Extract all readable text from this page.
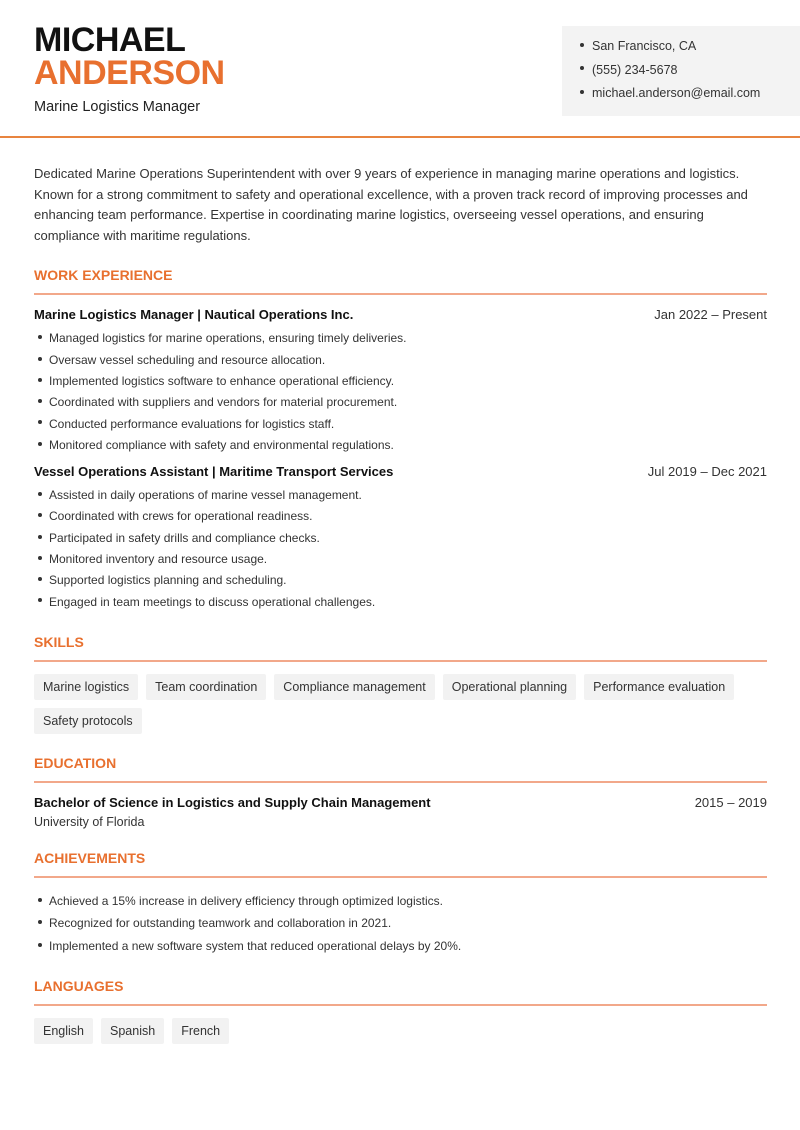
MICHAEL
ANDERSON
Marine Logistics Manager
San Francisco, CA
(555) 234-5678
michael.anderson@email.com

Dedicated Marine Operations Superintendent with over 9 years of experience in managing marine operations and logistics. Known for a strong commitment to safety and operational excellence, with a proven track record of improving processes and enhancing team performance. Expertise in coordinating marine logistics, overseeing vessel operations, and ensuring compliance with maritime regulations.

WORK EXPERIENCE
Marine Logistics Manager | Nautical Operations Inc.	Jan 2022 – Present
Managed logistics for marine operations, ensuring timely deliveries.
Oversaw vessel scheduling and resource allocation.
Implemented logistics software to enhance operational efficiency.
Coordinated with suppliers and vendors for material procurement.
Conducted performance evaluations for logistics staff.
Monitored compliance with safety and environmental regulations.
Vessel Operations Assistant | Maritime Transport Services	Jul 2019 – Dec 2021
Assisted in daily operations of marine vessel management.
Coordinated with crews for operational readiness.
Participated in safety drills and compliance checks.
Monitored inventory and resource usage.
Supported logistics planning and scheduling.
Engaged in team meetings to discuss operational challenges.
SKILLS
Marine logistics	Team coordination	Compliance management	Operational planning	Performance evaluation
Safety protocols
EDUCATION
Bachelor of Science in Logistics and Supply Chain Management	2015 – 2019
University of Florida
ACHIEVEMENTS
Achieved a 15% increase in delivery efficiency through optimized logistics.
Recognized for outstanding teamwork and collaboration in 2021.
Implemented a new software system that reduced operational delays by 20%.
LANGUAGES
English	Spanish	French
